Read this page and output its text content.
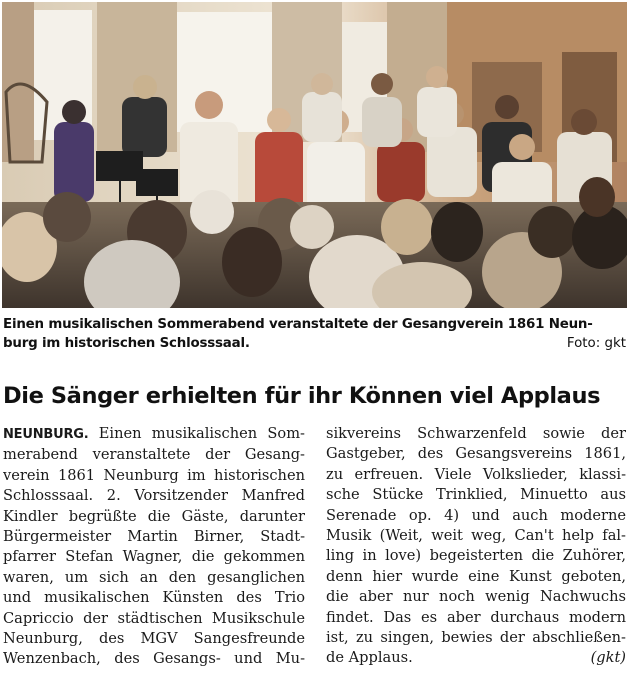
Einen musikalischen Sommerabend veranstaltete der Gesangverein 1861 Neun-
burg im historischen Schlosssaal.	Foto: gkt
Die Sänger erhielten für ihr Können viel Applaus
NEUNBURG. Einen musikalischen Som-
merabend veranstaltete der Gesang-
verein 1861 Neunburg im historischen
Schlosssaal. 2. Vorsitzender Manfred
Kindler begrüßte die Gäste, darunter
Bürgermeister Martin Birner, Stadt-
pfarrer Stefan Wagner, die gekommen
waren, um sich an den gesanglichen
und musikalischen Künsten des Trio
Capriccio der städtischen Musikschule
Neunburg, des MGV Sangesfreunde
Wenzenbach, des Gesangs- und Mu-
sikvereins Schwarzenfeld sowie der
Gastgeber, des Gesangsvereins 1861,
zu erfreuen. Viele Volkslieder, klassi-
sche Stücke Trinklied, Minuetto aus
Serenade op. 4) und auch moderne
Musik (Weit, weit weg, Can't help fal-
ling in love) begeisterten die Zuhörer,
denn hier wurde eine Kunst geboten,
die aber nur noch wenig Nachwuchs
findet. Das es aber durchaus modern
ist, zu singen, bewies der abschließen-
de Applaus.	(gkt)
